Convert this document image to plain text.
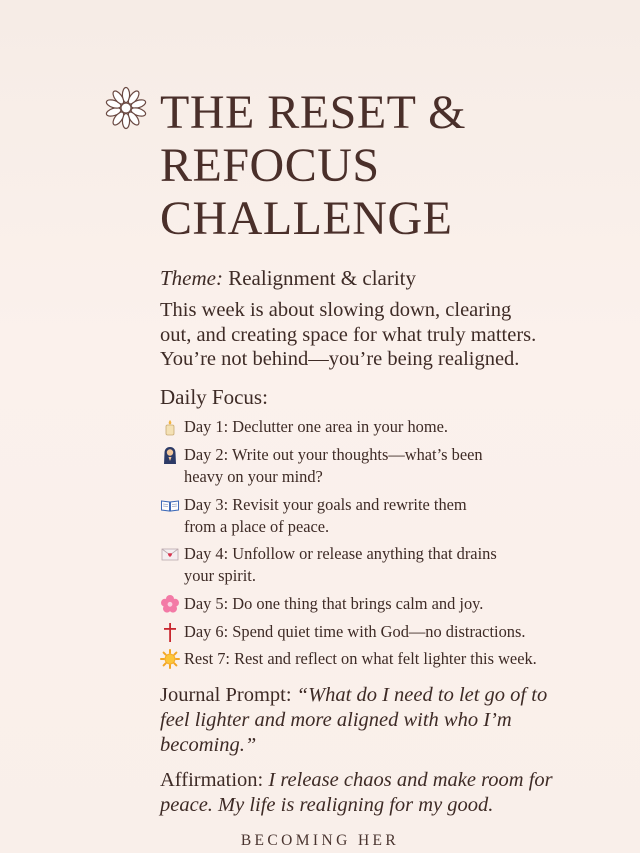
THE RESET &
REFOCUS
CHALLENGE
Theme: Realignment & clarity

This week is about slowing down, clearing
out, and creating space for what truly matters.
You’re not behind—you’re being realigned.

Daily Focus:
Day 1: Declutter one area in your home.
Day 2: Write out your thoughts—what’s been
heavy on your mind?
Day 3: Revisit your goals and rewrite them
from a place of peace.
Day 4: Unfollow or release anything that drains
your spirit.
Day 5: Do one thing that brings calm and joy.
Day 6: Spend quiet time with God—no distractions.
Rest 7: Rest and reflect on what felt lighter this week.
Journal Prompt: “What do I need to let go of to feel lighter and more aligned with who I’m becoming.”
Affirmation: I release chaos and make room for peace. My life is realigning for my good.
BECOMING HER
